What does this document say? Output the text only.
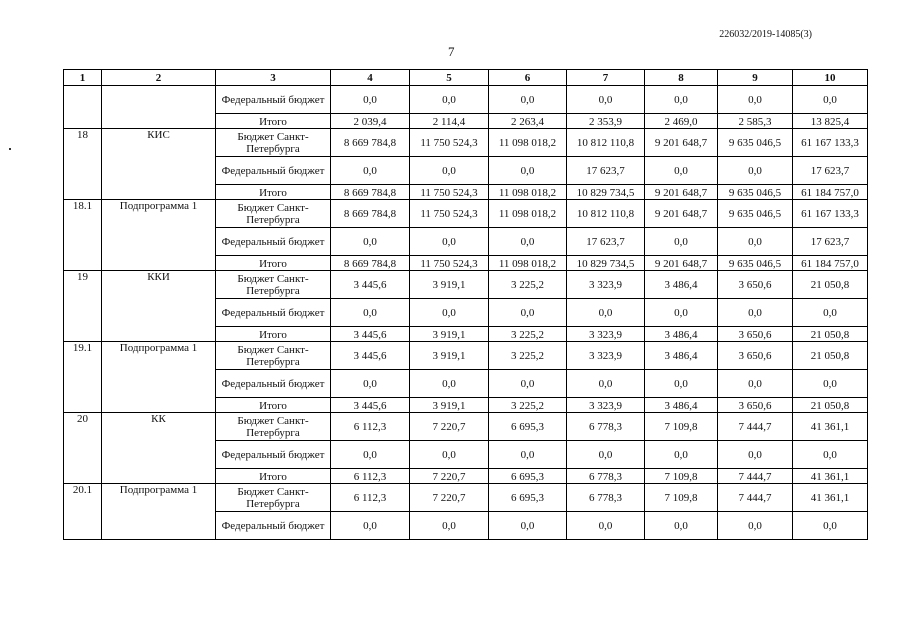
226032/2019-14085(3)
7
1	2	3	4	5	6	7	8	9	10
		Федеральный бюджет	0,0	0,0	0,0	0,0	0,0	0,0	0,0
		Итого	2 039,4	2 114,4	2 263,4	2 353,9	2 469,0	2 585,3	13 825,4
18	КИС	Бюджет Санкт-Петербурга	8 669 784,8	11 750 524,3	11 098 018,2	10 812 110,8	9 201 648,7	9 635 046,5	61 167 133,3
		Федеральный бюджет	0,0	0,0	0,0	17 623,7	0,0	0,0	17 623,7
		Итого	8 669 784,8	11 750 524,3	11 098 018,2	10 829 734,5	9 201 648,7	9 635 046,5	61 184 757,0
18.1	Подпрограмма 1	Бюджет Санкт-Петербурга	8 669 784,8	11 750 524,3	11 098 018,2	10 812 110,8	9 201 648,7	9 635 046,5	61 167 133,3
		Федеральный бюджет	0,0	0,0	0,0	17 623,7	0,0	0,0	17 623,7
		Итого	8 669 784,8	11 750 524,3	11 098 018,2	10 829 734,5	9 201 648,7	9 635 046,5	61 184 757,0
19	ККИ	Бюджет Санкт-Петербурга	3 445,6	3 919,1	3 225,2	3 323,9	3 486,4	3 650,6	21 050,8
		Федеральный бюджет	0,0	0,0	0,0	0,0	0,0	0,0	0,0
		Итого	3 445,6	3 919,1	3 225,2	3 323,9	3 486,4	3 650,6	21 050,8
19.1	Подпрограмма 1	Бюджет Санкт-Петербурга	3 445,6	3 919,1	3 225,2	3 323,9	3 486,4	3 650,6	21 050,8
		Федеральный бюджет	0,0	0,0	0,0	0,0	0,0	0,0	0,0
		Итого	3 445,6	3 919,1	3 225,2	3 323,9	3 486,4	3 650,6	21 050,8
20	КК	Бюджет Санкт-Петербурга	6 112,3	7 220,7	6 695,3	6 778,3	7 109,8	7 444,7	41 361,1
		Федеральный бюджет	0,0	0,0	0,0	0,0	0,0	0,0	0,0
		Итого	6 112,3	7 220,7	6 695,3	6 778,3	7 109,8	7 444,7	41 361,1
20.1	Подпрограмма 1	Бюджет Санкт-Петербурга	6 112,3	7 220,7	6 695,3	6 778,3	7 109,8	7 444,7	41 361,1
		Федеральный бюджет	0,0	0,0	0,0	0,0	0,0	0,0	0,0
